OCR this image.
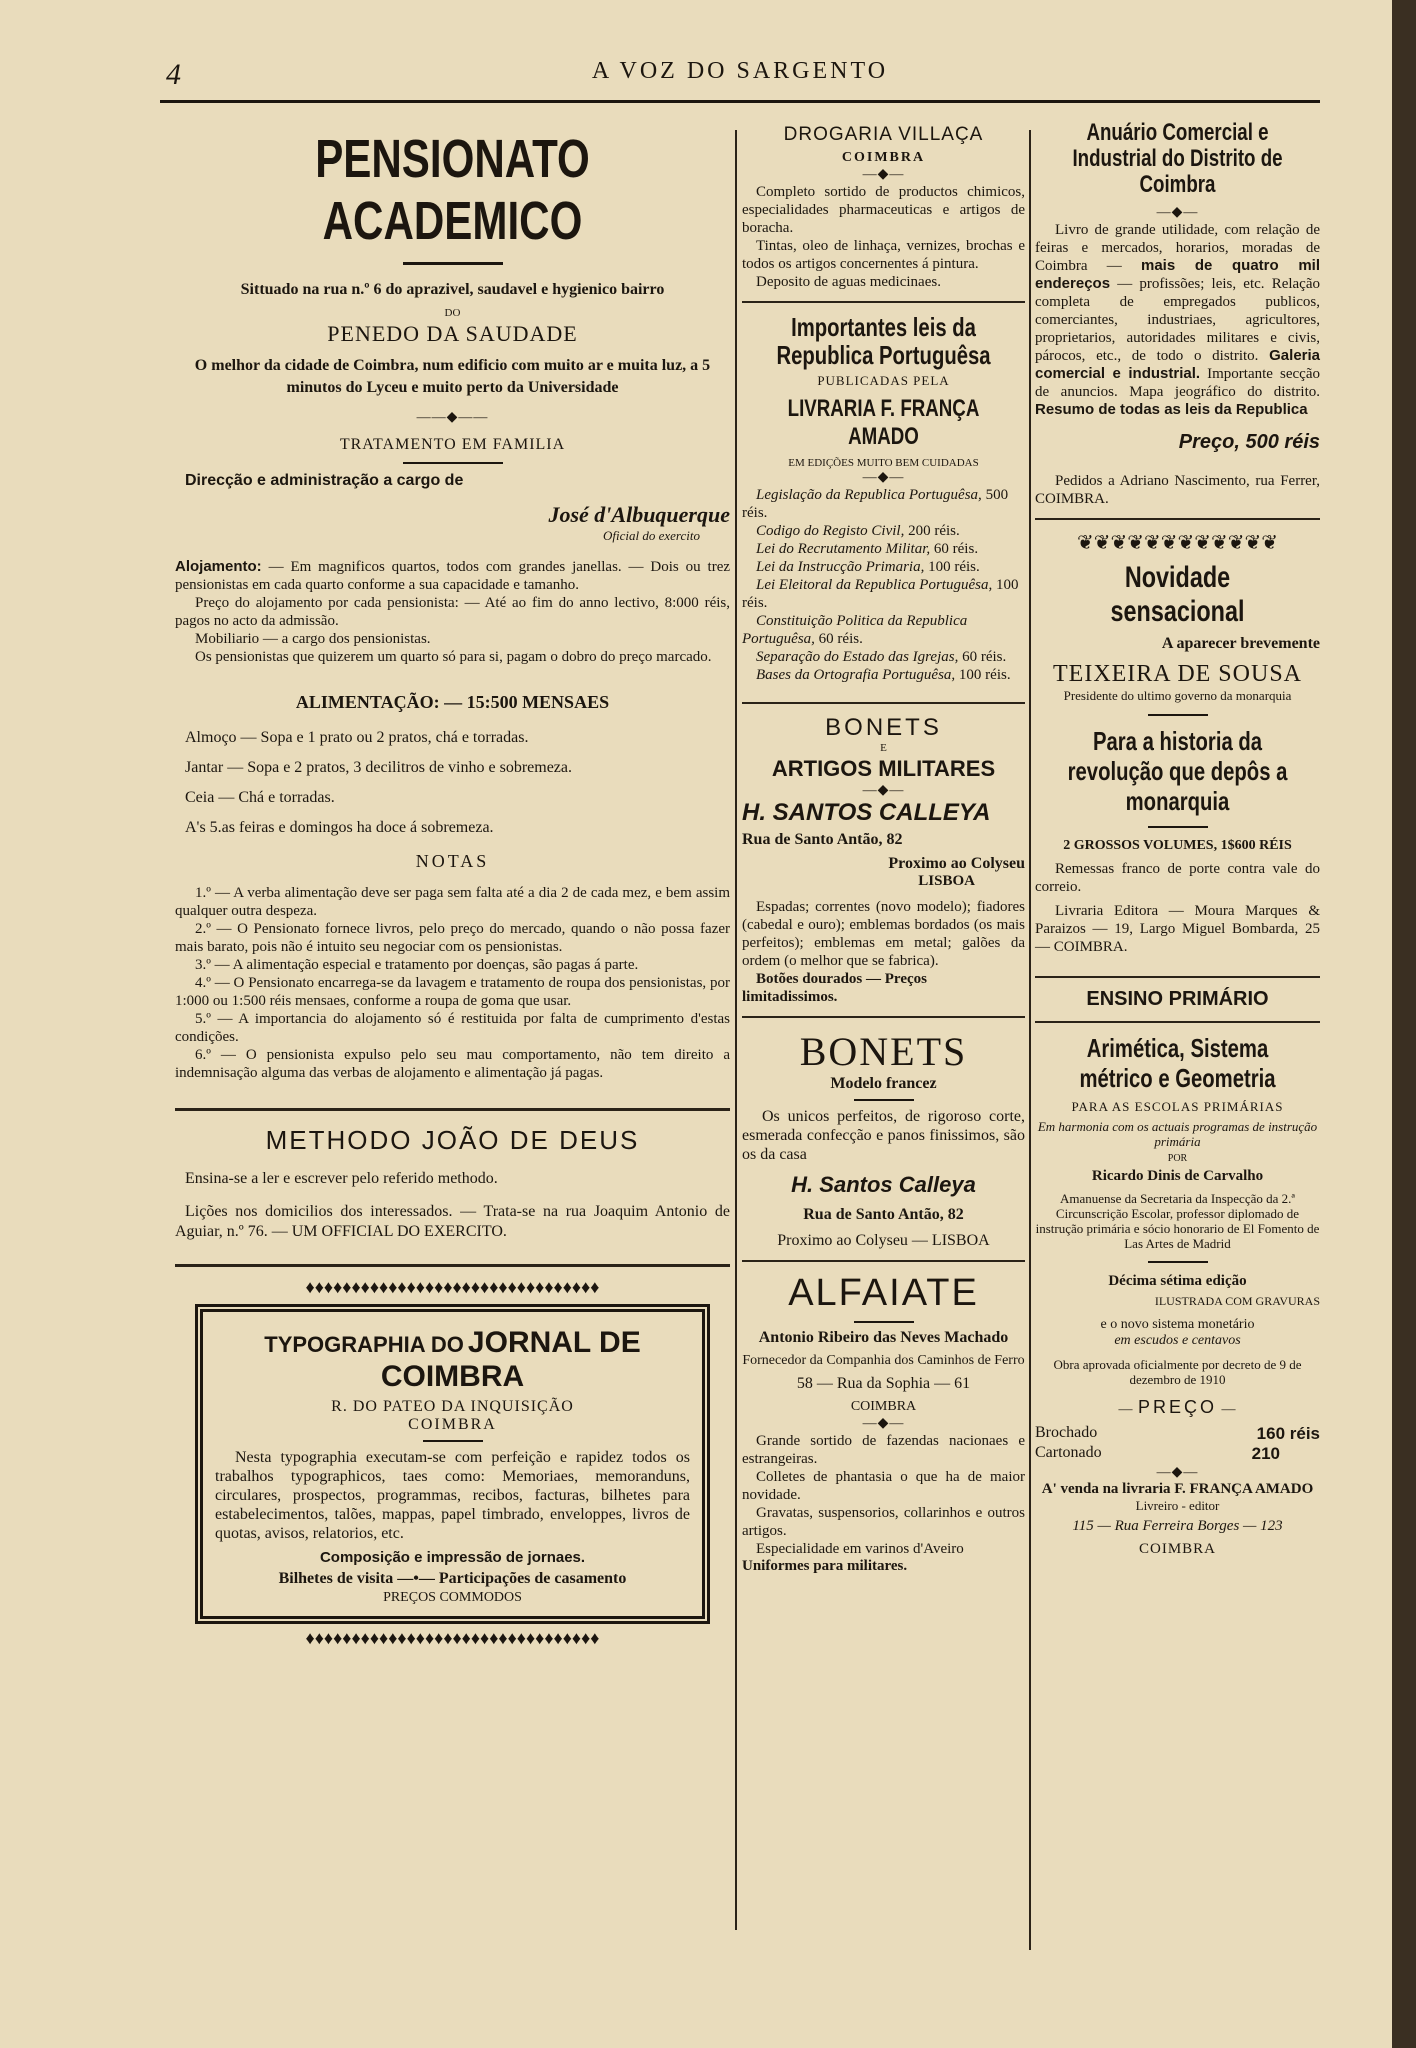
4	A VOZ DO SARGENTO
PENSIONATO ACADEMICO

Sittuado na rua n.º 6 do aprazivel, saudavel e hygienico bairro

DO

PENEDO DA SAUDADE

O melhor da cidade de Coimbra, num edificio com muito ar e muita luz, a 5 minutos do Lyceu e muito perto da Universidade

——◆——

TRATAMENTO EM FAMILIA

Direcção e administração a cargo de

José d'Albuquerque

Oficial do exercito

Alojamento: — Em magnificos quartos, todos com grandes janellas. — Dois ou trez pensionistas em cada quarto conforme a sua capacidade e tamanho.

Preço do alojamento por cada pensionista: — Até ao fim do anno lectivo, 8:000 réis, pagos no acto da admissão.

Mobiliario — a cargo dos pensionistas.

Os pensionistas que quizerem um quarto só para si, pagam o dobro do preço marcado.

ALIMENTAÇÃO: — 15:500 MENSAES

Almoço — Sopa e 1 prato ou 2 pratos, chá e torradas.

Jantar — Sopa e 2 pratos, 3 decilitros de vinho e sobremeza.

Ceia — Chá e torradas.

A's 5.as feiras e domingos ha doce á sobremeza.

NOTAS

1.º — A verba alimentação deve ser paga sem falta até a dia 2 de cada mez, e bem assim qualquer outra despeza.

2.º — O Pensionato fornece livros, pelo preço do mercado, quando o não possa fazer mais barato, pois não é intuito seu negociar com os pensionistas.

3.º — A alimentação especial e tratamento por doenças, são pagas á parte.

4.º — O Pensionato encarrega-se da lavagem e tratamento de roupa dos pensionistas, por 1:000 ou 1:500 réis mensaes, conforme a roupa de goma que usar.

5.º — A importancia do alojamento só é restituida por falta de cumprimento d'estas condições.

6.º — O pensionista expulso pelo seu mau comportamento, não tem direito a indemnisação alguma das verbas de alojamento e alimentação já pagas.

METHODO JOÃO DE DEUS

Ensina-se a ler e escrever pelo referido methodo.

Lições nos domicilios dos interessados. — Trata-se na rua Joaquim Antonio de Aguiar, n.º 76. — UM OFFICIAL DO EXERCITO.

♦♦♦♦♦♦♦♦♦♦♦♦♦♦♦♦♦♦♦♦♦♦♦♦♦♦♦♦♦♦♦♦

TYPOGRAPHIA DO JORNAL DE COIMBRA

R. DO PATEO DA INQUISIÇÃO

COIMBRA

Nesta typographia executam-se com perfeição e rapidez todos os trabalhos typographicos, taes como: Memoriaes, memoranduns, circulares, prospectos, programmas, recibos, facturas, bilhetes para estabelecimentos, talões, mappas, papel timbrado, enveloppes, livros de quotas, avisos, relatorios, etc.

Composição e impressão de jornaes.

Bilhetes de visita —•— Participações de casamento

PREÇOS COMMODOS

♦♦♦♦♦♦♦♦♦♦♦♦♦♦♦♦♦♦♦♦♦♦♦♦♦♦♦♦♦♦♦♦

DROGARIA VILLAÇA

COIMBRA

—◆—

Completo sortido de productos chimicos, especialidades pharmaceuticas e artigos de boracha.

Tintas, oleo de linhaça, vernizes, brochas e todos os artigos concernentes á pintura.

Deposito de aguas medicinaes.

Importantes leis da Republica Portuguêsa

PUBLICADAS PELA

LIVRARIA F. FRANÇA AMADO

EM EDIÇÕES MUITO BEM CUIDADAS

—◆—

Legislação da Republica Portuguêsa, 500 réis.

Codigo do Registo Civil, 200 réis.

Lei do Recrutamento Militar, 60 réis.

Lei da Instrucção Primaria, 100 réis.

Lei Eleitoral da Republica Portuguêsa, 100 réis.

Constituição Politica da Republica Portuguêsa, 60 réis.

Separação do Estado das Igrejas, 60 réis.

Bases da Ortografia Portuguêsa, 100 réis.

BONETS

E

ARTIGOS MILITARES

—◆—

H. SANTOS CALLEYA

Rua de Santo Antão, 82

Proximo ao Colyseu

LISBOA

Espadas; correntes (novo modelo); fiadores (cabedal e ouro); emblemas bordados (os mais perfeitos); emblemas em metal; galões da ordem (o melhor que se fabrica).

Botões dourados — Preços limitadissimos.

BONETS

Modelo francez

Os unicos perfeitos, de rigoroso corte, esmerada confecção e panos finissimos, são os da casa

H. Santos Calleya

Rua de Santo Antão, 82

Proximo ao Colyseu — LISBOA

ALFAIATE

Antonio Ribeiro das Neves Machado

Fornecedor da Companhia dos Caminhos de Ferro

58 — Rua da Sophia — 61

COIMBRA

—◆—

Grande sortido de fazendas nacionaes e estrangeiras.

Colletes de phantasia o que ha de maior novidade.

Gravatas, suspensorios, collarinhos e outros artigos.

Especialidade em varinos d'Aveiro

Uniformes para militares.

Anuário Comercial e Industrial do Distrito de Coimbra
—◆—

Livro de grande utilidade, com relação de feiras e mercados, horarios, moradas de Coimbra — mais de quatro mil endereços — profissões; leis, etc. Relação completa de empregados publicos, comerciantes, industriaes, agricultores, proprietarios, autoridades militares e civis, párocos, etc., de todo o distrito. Galeria comercial e industrial. Importante secção de anuncios. Mapa jeográfico do distrito. Resumo de todas as leis da Republica

Preço, 500 réis

Pedidos a Adriano Nascimento, rua Ferrer, COIMBRA.

❦❦❦❦❦❦❦❦❦❦❦❦
Novidade sensacional

A aparecer brevemente

TEIXEIRA DE SOUSA

Presidente do ultimo governo da monarquia

Para a historia da revolução que depôs a monarquia

2 GROSSOS VOLUMES, 1$600 RÉIS

Remessas franco de porte contra vale do correio.

Livraria Editora — Moura Marques & Paraizos — 19, Largo Miguel Bombarda, 25 — COIMBRA.

ENSINO PRIMÁRIO

Arimética, Sistema métrico e Geometria

PARA AS ESCOLAS PRIMÁRIAS

Em harmonia com os actuais programas de instrução primária

POR

Ricardo Dinis de Carvalho

Amanuense da Secretaria da Inspecção da 2.ª Circunscrição Escolar, professor diplomado de instrução primária e sócio honorario de El Fomento de Las Artes de Madrid

Décima sétima edição

ILUSTRADA COM GRAVURAS

e o novo sistema monetário

em escudos e centavos

Obra aprovada oficialmente por decreto de 9 de dezembro de 1910

— PREÇO —
Brochado	160 réis
Cartonado	210
—◆—

A' venda na livraria F. FRANÇA AMADO

Livreiro - editor

115 — Rua Ferreira Borges — 123

COIMBRA
